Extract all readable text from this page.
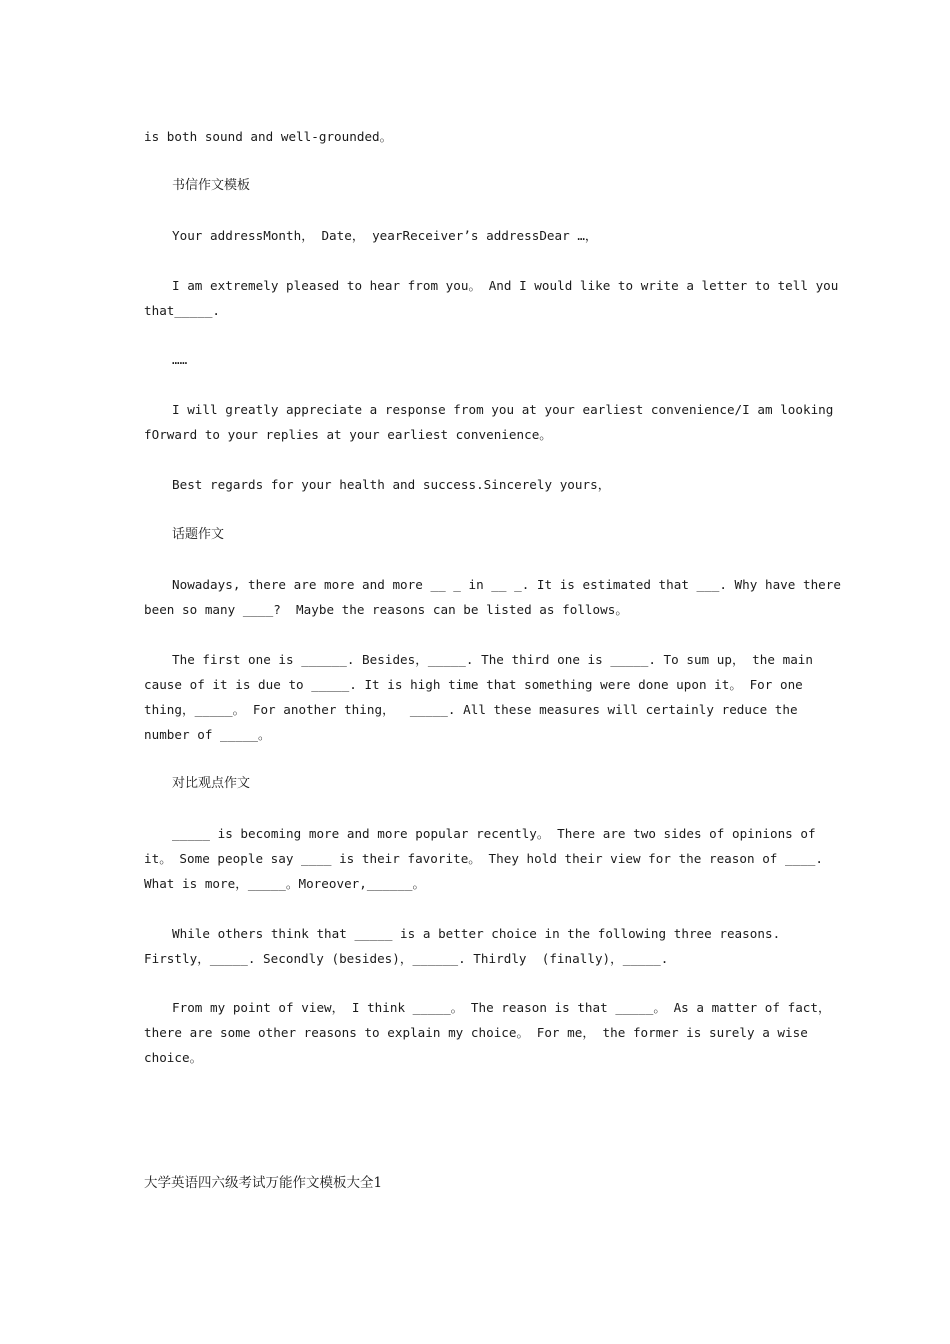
is both sound and well-grounded。
书信作文模板
Your addressMonth， Date， yearReceiver’s addressDear …，
I am extremely pleased to hear from you。 And I would like to write a letter to tell you
that_____.
……
I will greatly appreciate a response from you at your earliest convenience/I am looking
fOrward to your replies at your earliest convenience。
Best regards for your health and success.Sincerely yours，
话题作文
Nowadays, there are more and more __ _ in __ _. It is estimated that ___. Why have there
been so many ____?  Maybe the reasons can be listed as follows。
The first one is ______. Besides，_____. The third one is _____. To sum up， the main
cause of it is due to _____. It is high time that something were done upon it。 For one
thing，_____。 For another thing，  _____. All these measures will certainly reduce the
number of _____。
对比观点作文
_____ is becoming more and more popular recently。 There are two sides of opinions of
it。 Some people say ____ is their favorite。 They hold their view for the reason of ____.
What is more，_____。Moreover,______。
While others think that _____ is a better choice in the following three reasons.
Firstly，_____. Secondly (besides)，______. Thirdly  (finally)，_____.
From my point of view， I think _____。 The reason is that _____。 As a matter of fact，
there are some other reasons to explain my choice。 For me， the former is surely a wise
choice。
大学英语四六级考试万能作文模板大全1
